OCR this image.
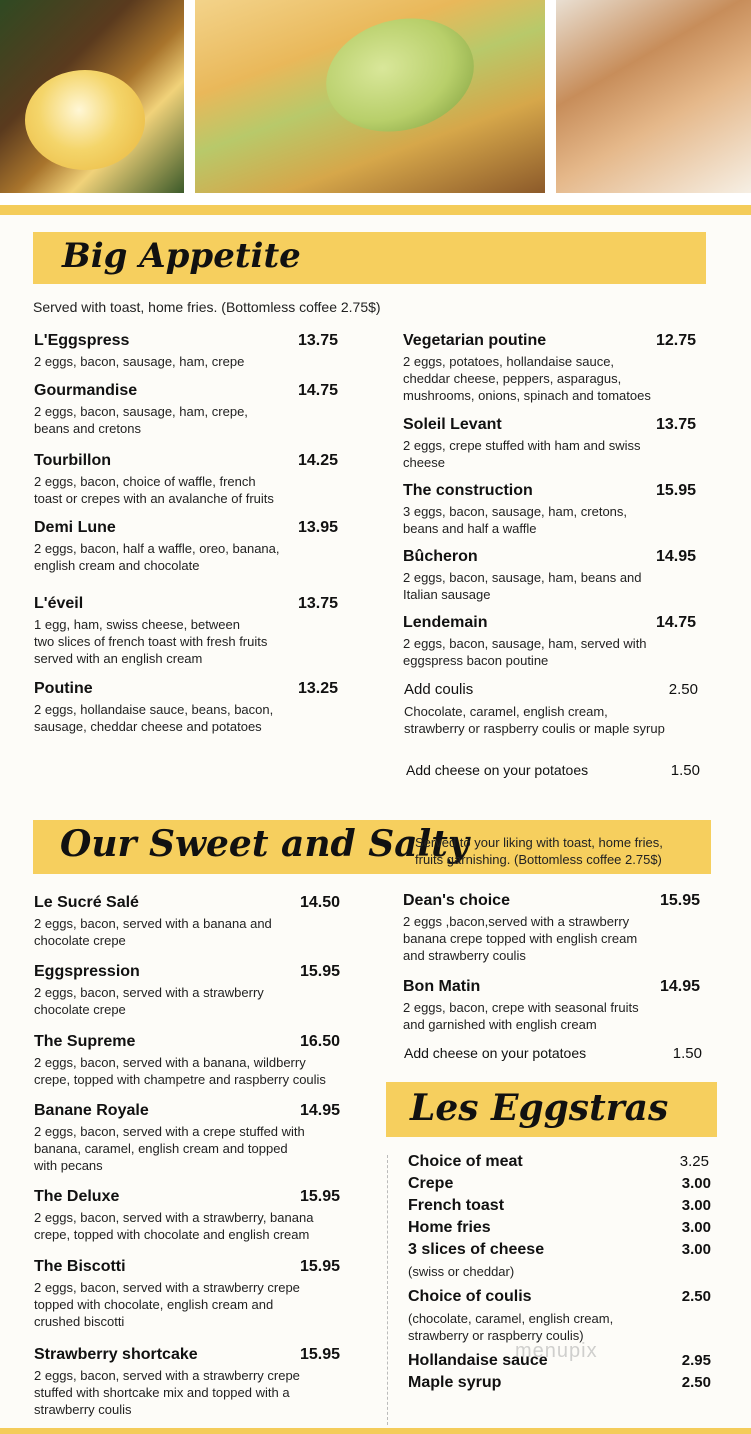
Big Appetite
Served with toast, home fries. (Bottomless coffee 2.75$)
L'Eggspress	13.75
2 eggs, bacon, sausage, ham, crepe
Gourmandise	14.75
2 eggs, bacon, sausage, ham, crepe,
beans and cretons
Tourbillon	14.25
2 eggs, bacon, choice of waffle, french
toast or crepes with an avalanche of fruits
Demi Lune	13.95
2 eggs, bacon, half a waffle, oreo, banana,
english cream and chocolate
L'éveil	13.75
1 egg, ham, swiss cheese, between
two slices of french toast with fresh fruits
served with an english cream
Poutine	13.25
2 eggs, hollandaise sauce, beans, bacon,
sausage, cheddar cheese and potatoes
Vegetarian poutine	12.75
2 eggs, potatoes, hollandaise sauce,
cheddar cheese, peppers, asparagus,
mushrooms, onions, spinach and tomatoes
Soleil Levant	13.75
2 eggs, crepe stuffed with ham and swiss
cheese
The construction	15.95
3 eggs, bacon, sausage, ham, cretons,
beans and half a waffle
Bûcheron	14.95
2 eggs, bacon, sausage, ham, beans and
Italian sausage
Lendemain	14.75
2 eggs, bacon, sausage, ham, served with
eggspress bacon poutine
Add coulis	2.50
Chocolate, caramel, english cream,
strawberry or raspberry coulis or maple syrup
Add cheese on your potatoes	1.50
Our Sweet and Salty
Served to your liking with toast, home fries,
fruits garnishing. (Bottomless coffee 2.75$)
Le Sucré Salé	14.50
2 eggs, bacon, served with a banana and
chocolate crepe
Eggspression	15.95
2 eggs, bacon, served with a strawberry
chocolate crepe
The Supreme	16.50
2 eggs, bacon, served with a banana, wildberry
crepe, topped with champetre and raspberry coulis
Banane Royale	14.95
2 eggs, bacon, served with a crepe stuffed with
banana, caramel, english cream and topped
with pecans
The Deluxe	15.95
2 eggs, bacon, served with a strawberry, banana
crepe, topped with chocolate and english cream
The Biscotti	15.95
2 eggs, bacon, served with a strawberry crepe
topped with chocolate, english cream and
crushed biscotti
Strawberry shortcake	15.95
2 eggs, bacon, served with a strawberry crepe
stuffed with shortcake mix and topped with a
strawberry coulis
Dean's choice	15.95
2 eggs ,bacon,served with a strawberry
banana crepe topped with english cream
and strawberry coulis
Bon Matin	14.95
2 eggs, bacon, crepe with seasonal fruits
and garnished with english cream
Add cheese on your potatoes	1.50
Les Eggstras
Choice of meat	3.25
Crepe	3.00
French toast	3.00
Home fries	3.00
3 slices of cheese	3.00
(swiss or cheddar)
Choice of coulis	2.50
(chocolate, caramel, english cream,
strawberry or raspberry coulis)
Hollandaise sauce	2.95
Maple syrup	2.50
menupix
